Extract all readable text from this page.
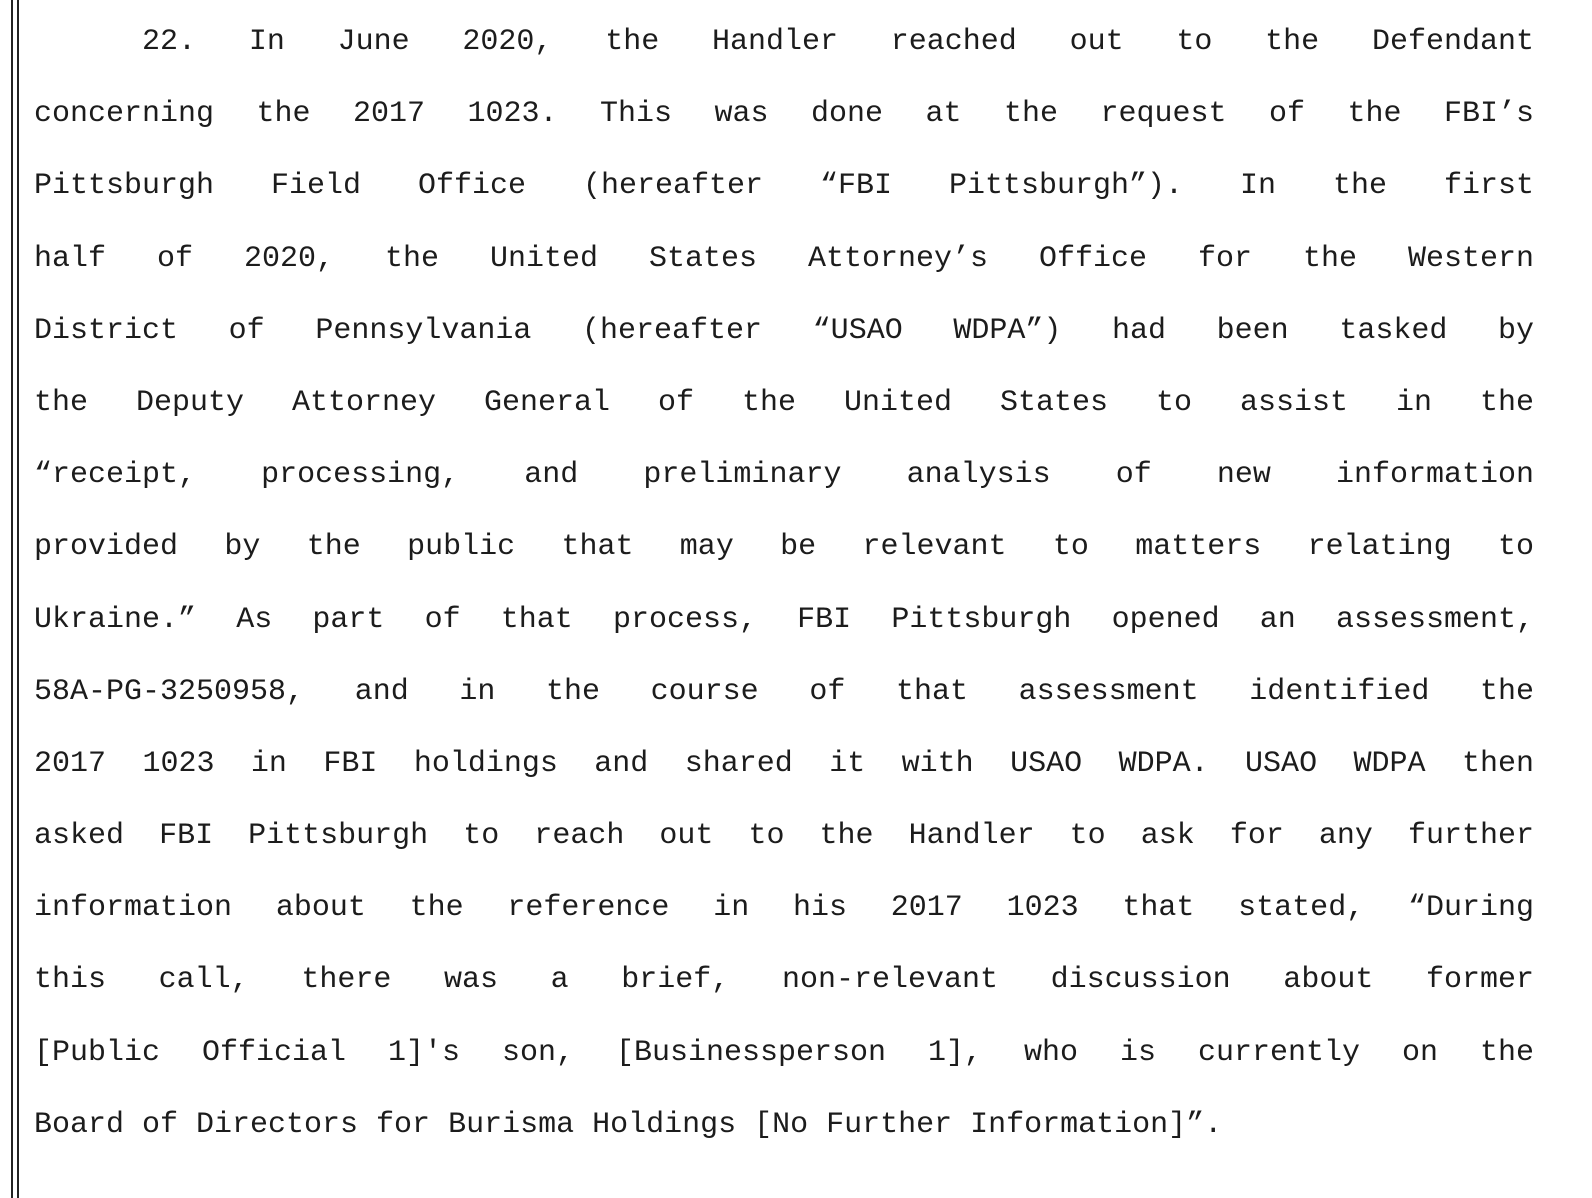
22. In June 2020, the Handler reached out to the Defendant
concerning the 2017 1023. This was done at the request of the FBI’s
Pittsburgh Field Office (hereafter “FBI Pittsburgh”). In the first
half of 2020, the United States Attorney’s Office for the Western
District of Pennsylvania (hereafter “USAO WDPA”) had been tasked by
the Deputy Attorney General of the United States to assist in the
“receipt, processing, and preliminary analysis of new information
provided by the public that may be relevant to matters relating to
Ukraine.” As part of that process, FBI Pittsburgh opened an assessment,
58A-PG-3250958, and in the course of that assessment identified the
2017 1023 in FBI holdings and shared it with USAO WDPA. USAO WDPA then
asked FBI Pittsburgh to reach out to the Handler to ask for any further
information about the reference in his 2017 1023 that stated, “During
this call, there was a brief, non-relevant discussion about former
[Public Official 1]'s son, [Businessperson 1], who is currently on the
Board of Directors for Burisma Holdings [No Further Information]”.
